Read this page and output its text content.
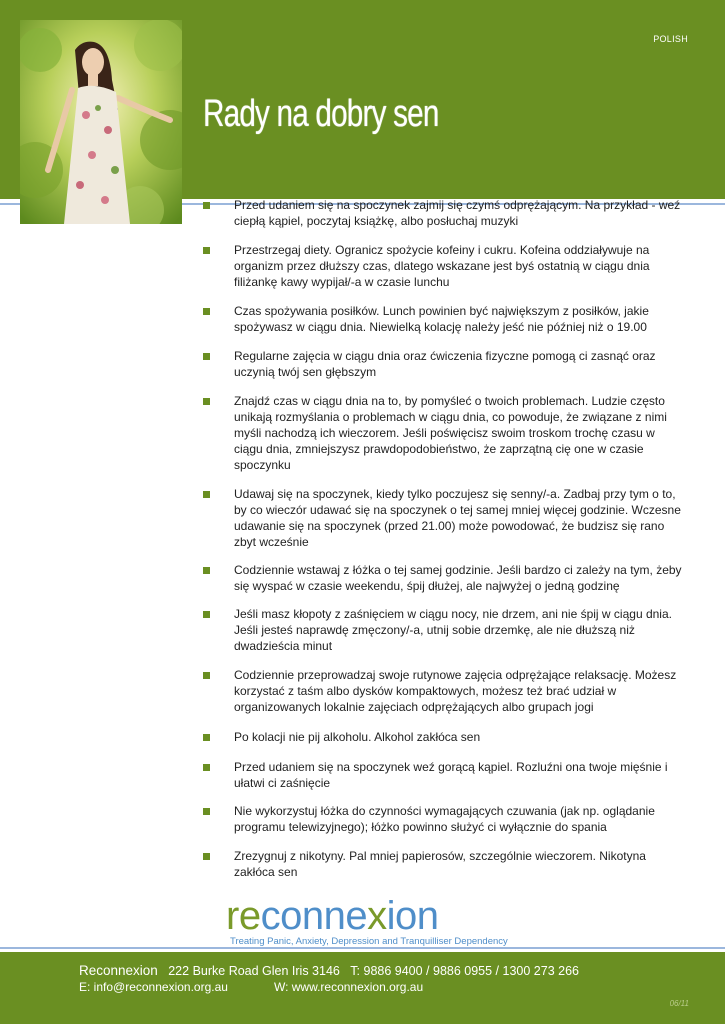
POLISH
Rady na dobry sen
Przed udaniem się na spoczynek zajmij się czymś odprężającym. Na przykład - weź ciepłą kąpiel, poczytaj książkę, albo posłuchaj muzyki
Przestrzegaj diety. Ogranicz spożycie kofeiny i cukru. Kofeina oddziaływuje na organizm przez dłuższy czas, dlatego wskazane jest byś ostatnią w ciągu dnia filiżankę kawy wypijał/-a w czasie lunchu
Czas spożywania posiłków. Lunch powinien być największym z posiłków, jakie spożywasz w ciągu dnia. Niewielką kolację należy jeść nie później niż o 19.00
Regularne zajęcia w ciągu dnia oraz ćwiczenia fizyczne pomogą ci zasnąć oraz uczynią twój sen głębszym
Znajdź czas w ciągu dnia na to, by pomyśleć o twoich problemach. Ludzie często unikają rozmyślania o problemach w ciągu dnia, co powoduje, że związane z nimi myśli nachodzą ich wieczorem. Jeśli poświęcisz swoim troskom trochę czasu w ciągu dnia, zmniejszysz prawdopodobieństwo, że zaprzątną cię one w czasie spoczynku
Udawaj się na spoczynek, kiedy tylko poczujesz się senny/-a. Zadbaj przy tym o to, by co wieczór udawać się na spoczynek o tej samej mniej więcej godzinie. Wczesne udawanie się na spoczynek (przed 21.00) może powodować, że budzisz się rano zbyt wcześnie
Codziennie wstawaj z łóżka o tej samej godzinie. Jeśli bardzo ci zależy na tym, żeby się wyspać w czasie weekendu, śpij dłużej, ale najwyżej o jedną godzinę
Jeśli masz kłopoty z zaśnięciem w ciągu nocy, nie drzem, ani nie śpij w ciągu dnia. Jeśli jesteś naprawdę zmęczony/-a, utnij sobie drzemkę, ale nie dłuższą niż dwadzieścia minut
Codziennie przeprowadzaj swoje rutynowe zajęcia odprężające relaksację. Możesz korzystać z taśm albo dysków kompaktowych, możesz też brać udział w organizowanych lokalnie zajęciach odprężających albo grupach jogi
Po kolacji nie pij alkoholu. Alkohol zakłóca sen
Przed udaniem się na spoczynek weź gorącą kąpiel. Rozluźni ona twoje mięśnie i ułatwi ci zaśnięcie
Nie wykorzystuj łóżka do czynności wymagających czuwania (jak np. oglądanie programu telewizyjnego); łóżko powinno służyć ci wyłącznie do spania
Zrezygnuj z nikotyny. Pal mniej papierosów, szczególnie wieczorem. Nikotyna zakłóca sen
reconnexion
Treating Panic, Anxiety, Depression and Tranquilliser Dependency
Reconnexion 222 Burke Road Glen Iris 3146 T: 9886 9400 / 9886 0955 / 1300 273 266
E: info@reconnexion.org.au	W: www.reconnexion.org.au
06/11
